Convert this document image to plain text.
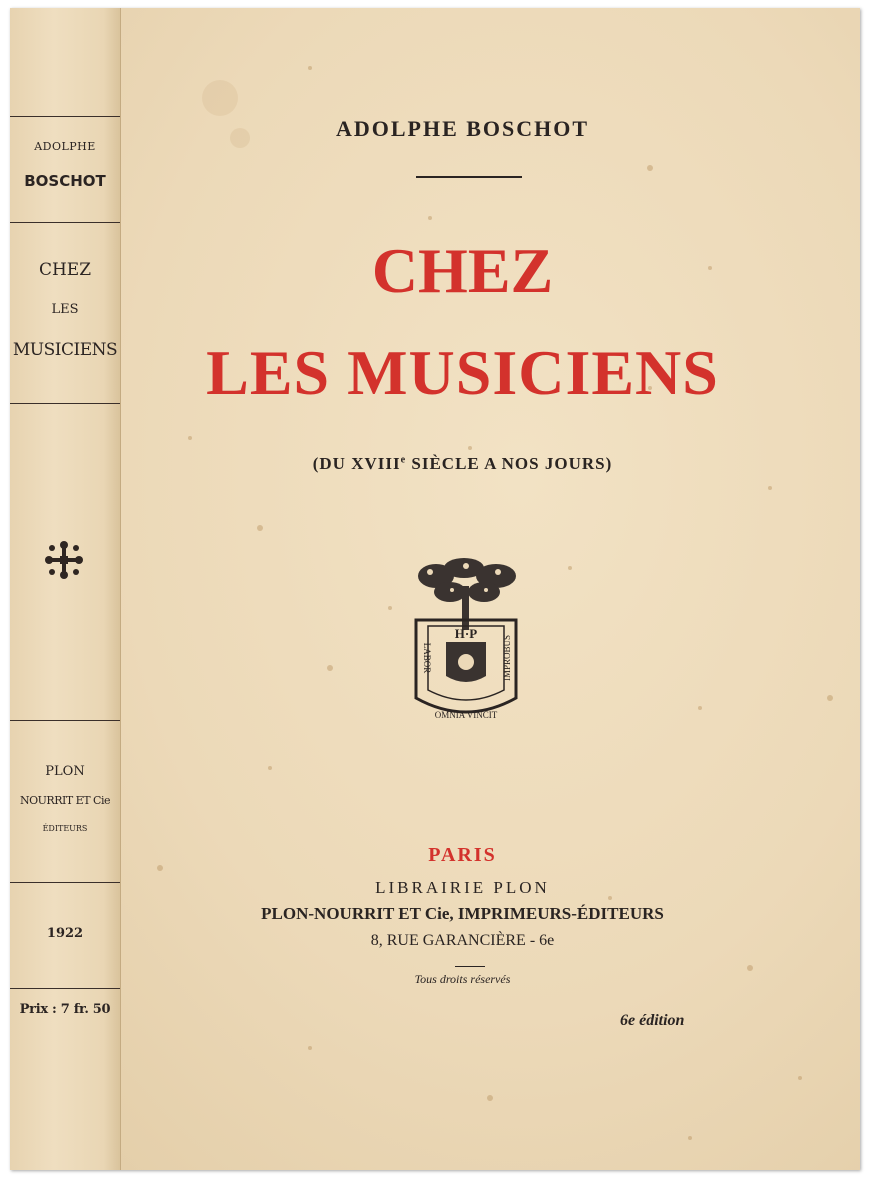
ADOLPHE
BOSCHOT
CHEZ
LES
MUSICIENS
PLON
NOURRIT ET Cie
ÉDITEURS
1922
Prix : 7 fr. 50
ADOLPHE BOSCHOT
CHEZ
LES MUSICIENS
(DU XVIIIe SIÈCLE A NOS JOURS)
H·P
LABOR	IMPROBUS
OMNIA VINCIT
PARIS
LIBRAIRIE PLON
PLON-NOURRIT ET Cie, IMPRIMEURS-ÉDITEURS
8, RUE GARANCIÈRE - 6e
Tous droits réservés
6e édition
